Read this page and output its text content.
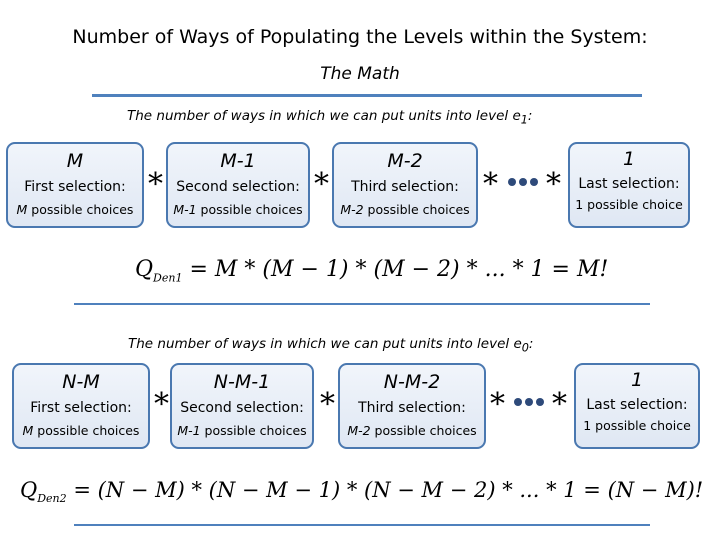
Number of Ways of Populating the Levels within the System:
The Math
The number of ways in which we can put units into level $e_1$:
M
First selection:
M possible choices
*
M-1
Second selection:
M-1 possible choices
*
M-2
Third selection:
M-2 possible choices
* *
1
Last selection:
1 possible choice
$Q_{Den1} = M * (M - 1) * (M - 2)$ * ... * 1 = M!
The number of ways in which we can put units into level $e_0$:
N-M
First selection:
M possible choices
*
N-M-1
Second selection:
M-1 possible choices
*
N-M-2
Third selection:
M-2 possible choices
* *
1
Last selection:
1 possible choice
$Q_{Den2} = (N - M) * (N - M - 1) * (N - M - 2)$ * ... * 1 = (N − M)!
